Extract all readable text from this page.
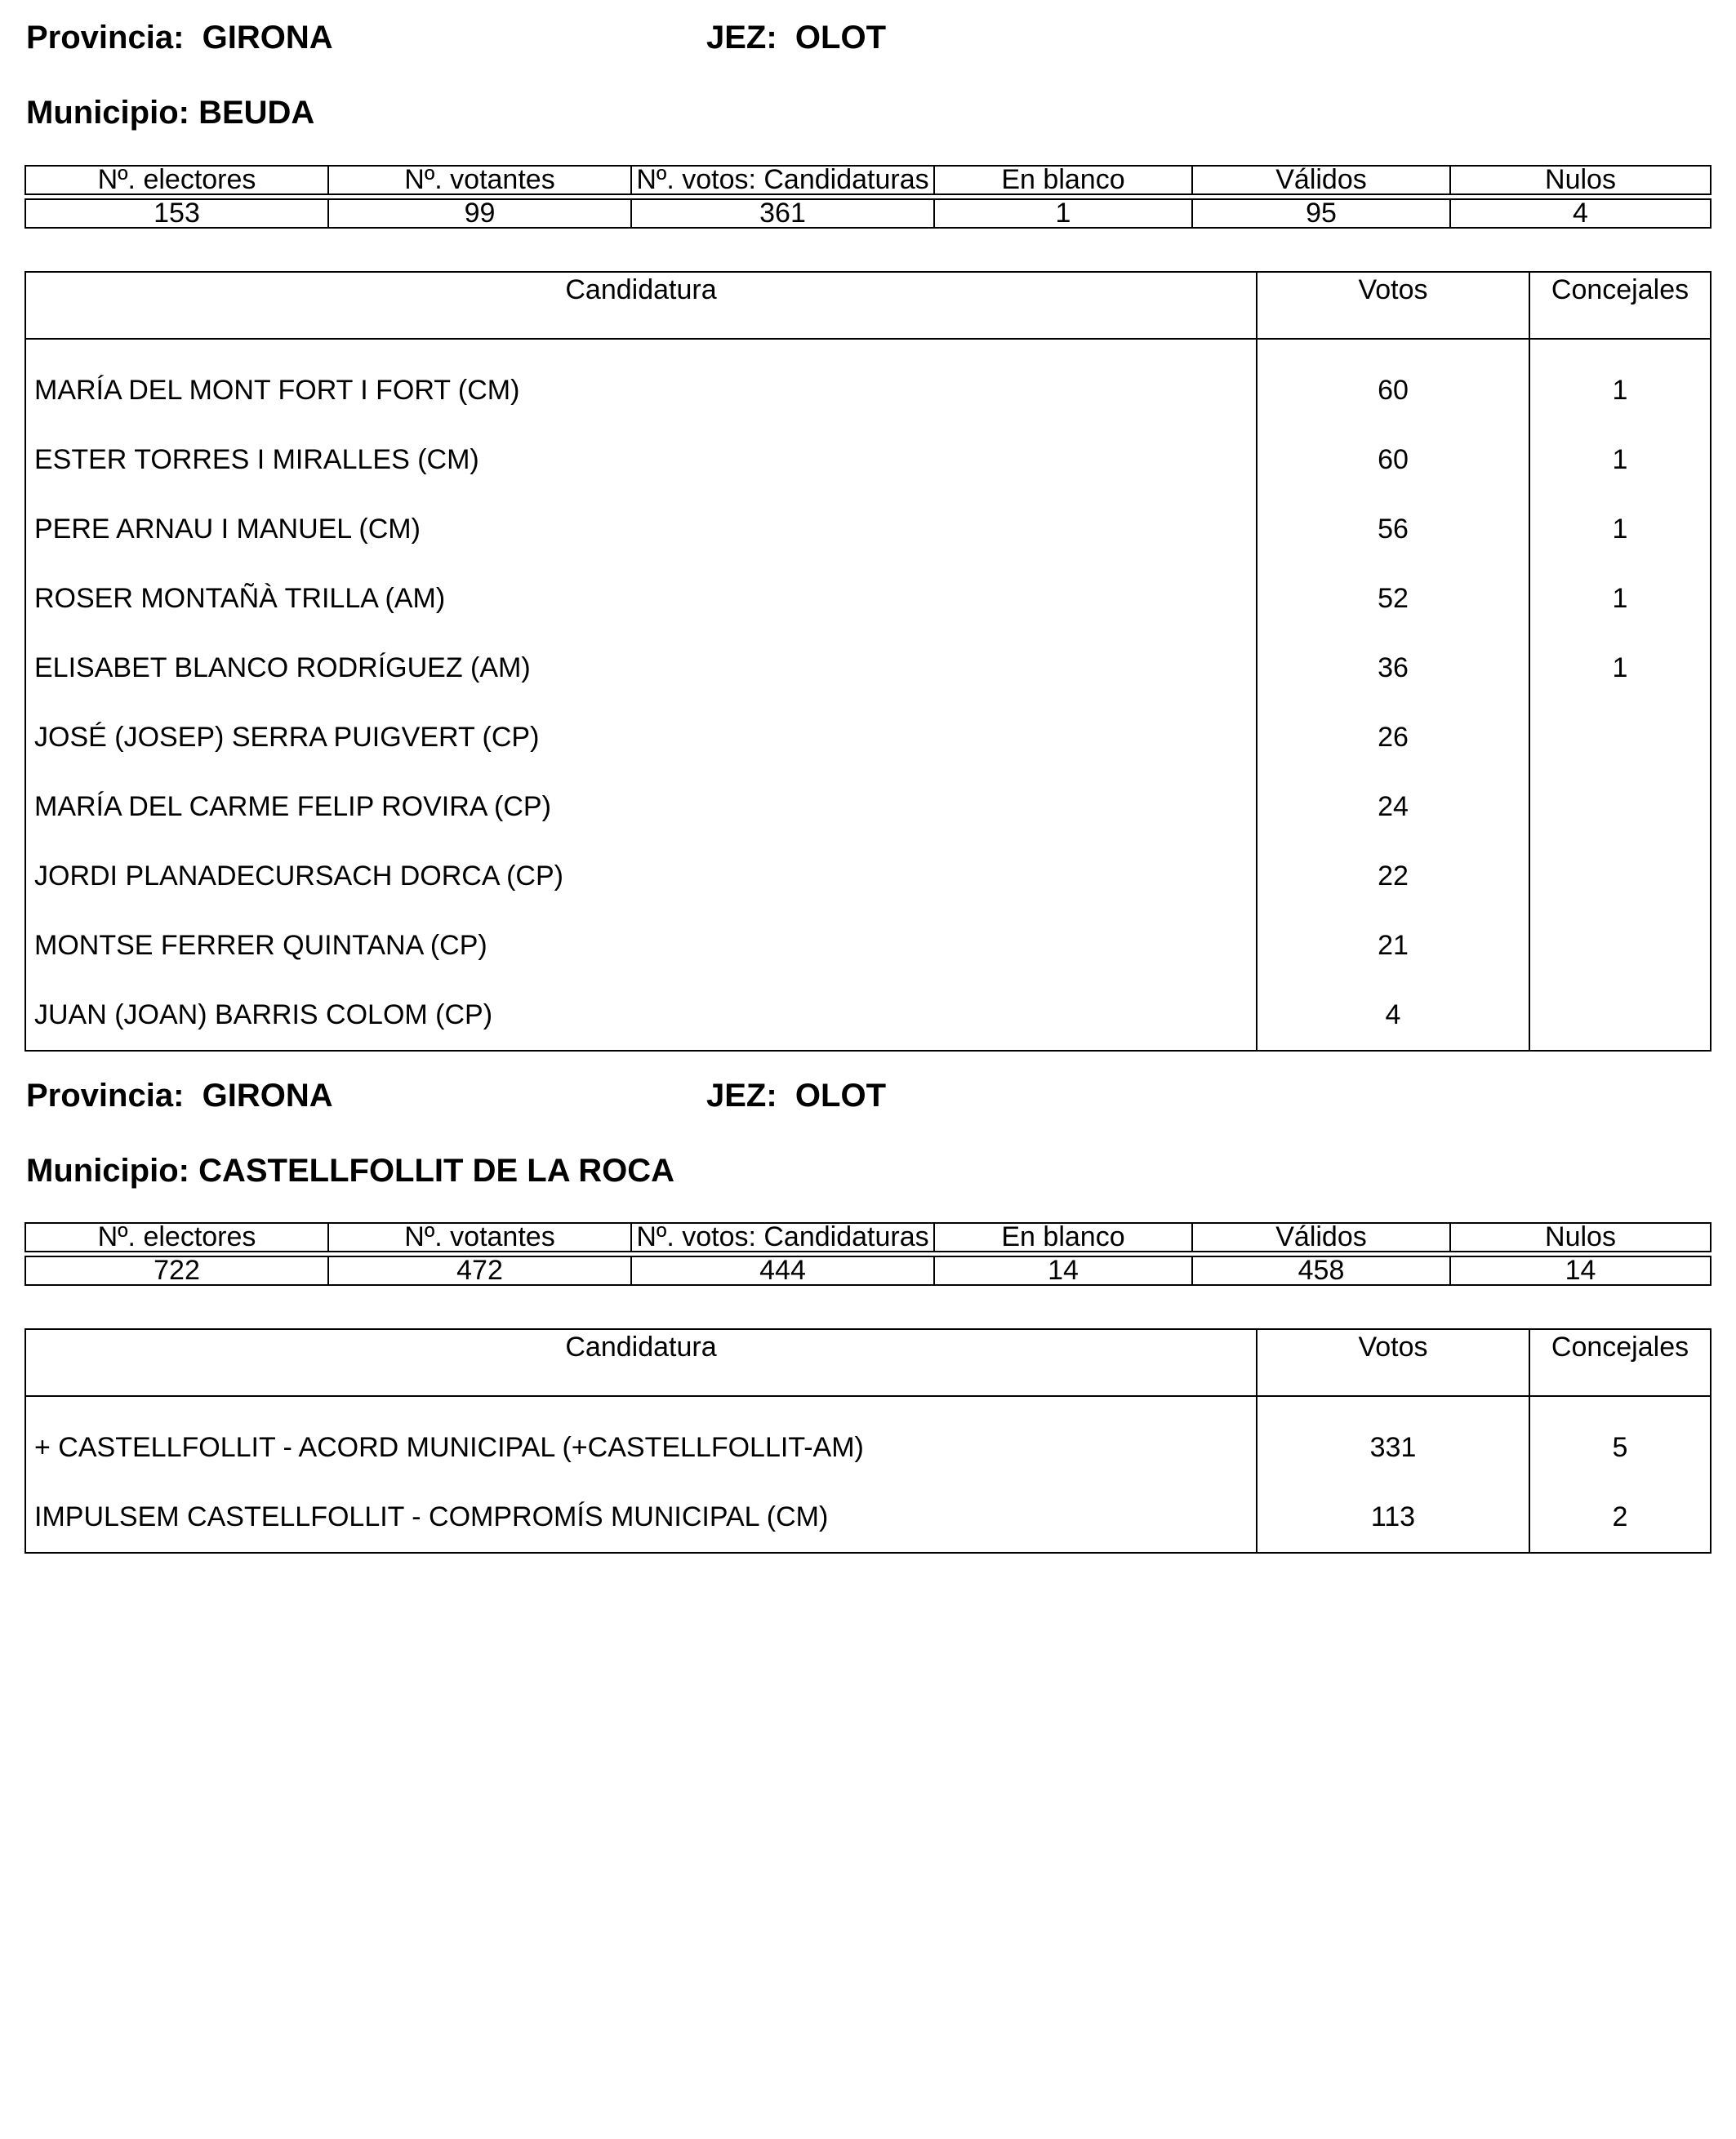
Provincia:  GIRONA	JEZ:  OLOT
Municipio: BEUDA
Nº. electores	Nº. votantes	Nº. votos: Candidaturas	En blanco	Válidos	Nulos

153	99	361	1	95	4
Candidatura	Votos	Concejales
MARÍA DEL MONT FORT I FORT (CM)	60	1
ESTER TORRES I MIRALLES (CM)	60	1
PERE ARNAU I MANUEL (CM)	56	1
ROSER MONTAÑÀ TRILLA (AM)	52	1
ELISABET BLANCO RODRÍGUEZ (AM)	36	1
JOSÉ (JOSEP) SERRA PUIGVERT (CP)	26
MARÍA DEL CARME FELIP ROVIRA (CP)	24
JORDI PLANADECURSACH DORCA (CP)	22
MONTSE FERRER QUINTANA (CP)	21
JUAN (JOAN) BARRIS COLOM (CP)	4
Provincia:  GIRONA	JEZ:  OLOT
Municipio: CASTELLFOLLIT DE LA ROCA
Nº. electores	Nº. votantes	Nº. votos: Candidaturas	En blanco	Válidos	Nulos

722	472	444	14	458	14
Candidatura	Votos	Concejales
+ CASTELLFOLLIT - ACORD MUNICIPAL (+CASTELLFOLLIT-AM)	331	5
IMPULSEM CASTELLFOLLIT - COMPROMÍS MUNICIPAL (CM)	113	2
